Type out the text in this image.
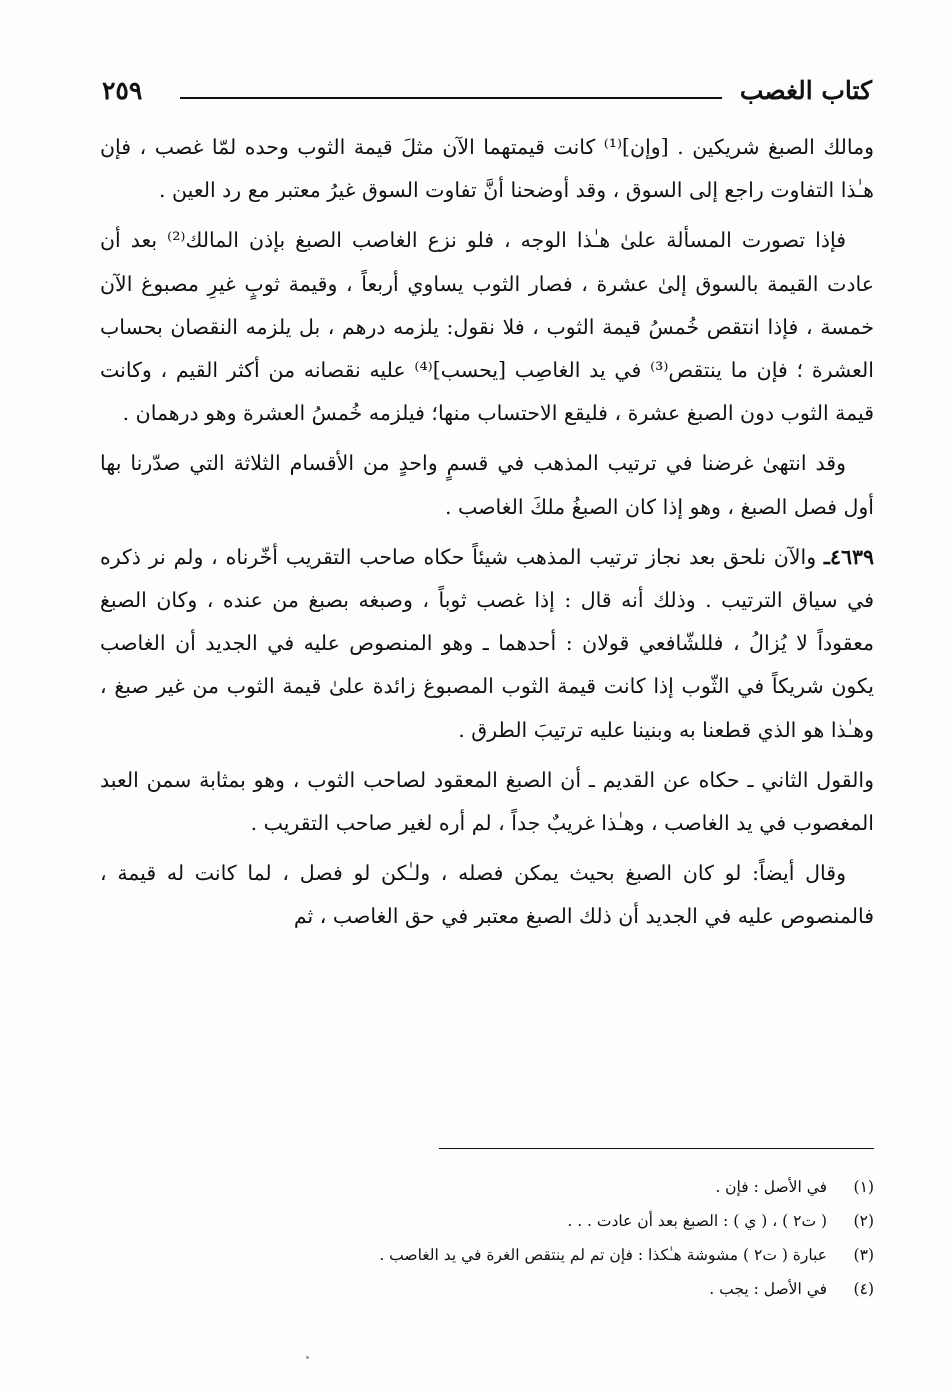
كتاب الغصب
٢٥٩

ومالك الصبغ شريكين . [وإن]⁽¹⁾ كانت قيمتهما الآن مثلَ قيمة الثوب وحده لمّا غصب ، فإن هـٰذا التفاوت راجع إلى السوق ، وقد أوضحنا أنَّ تفاوت السوق غيرُ معتبر مع رد العين .

فإذا تصورت المسألة علىٰ هـٰذا الوجه ، فلو نزع الغاصب الصبغ بإذن المالك⁽²⁾ بعد أن عادت القيمة بالسوق إلىٰ عشرة ، فصار الثوب يساوي أربعاً ، وقيمة ثوبٍ غيرِ مصبوغ الآن خمسة ، فإذا انتقص خُمسُ قيمة الثوب ، فلا نقول: يلزمه درهم ، بل يلزمه النقصان بحساب العشرة ؛ فإن ما ينتقص⁽³⁾ في يد الغاصِب [يحسب]⁽⁴⁾ عليه نقصانه من أكثر القيم ، وكانت قيمة الثوب دون الصبغ عشرة ، فليقع الاحتساب منها؛ فيلزمه خُمسُ العشرة وهو درهمان .

وقد انتهىٰ غرضنا في ترتيب المذهب في قسمٍ واحدٍ من الأقسام الثلاثة التي صدّرنا بها أول فصل الصبغ ، وهو إذا كان الصبغُ ملكَ الغاصب .

٤٦٣٩ـ والآن نلحق بعد نجاز ترتيب المذهب شيئاً حكاه صاحب التقريب أخّرناه ، ولم نر ذكره في سياق الترتيب . وذلك أنه قال : إذا غصب ثوباً ، وصبغه بصبغ من عنده ، وكان الصبغ معقوداً لا يُزالُ ، فللشّافعي قولان : أحدهما ـ وهو المنصوص عليه في الجديد أن الغاصب يكون شريكاً في الثّوب إذا كانت قيمة الثوب المصبوغ زائدة علىٰ قيمة الثوب من غير صبغ ، وهـٰذا هو الذي قطعنا به وبنينا عليه ترتيبَ الطرق .

والقول الثاني ـ حكاه عن القديم ـ أن الصبغ المعقود لصاحب الثوب ، وهو بمثابة سمن العبد المغصوب في يد الغاصب ، وهـٰذا غريبٌ جداً ، لم أره لغير صاحب التقريب .

وقال أيضاً: لو كان الصبغ بحيث يمكن فصله ، ولـٰكن لو فصل ، لما كانت له قيمة ، فالمنصوص عليه في الجديد أن ذلك الصبغ معتبر في حق الغاصب ، ثم

(١) في الأصل : فإن .
(٢) ( ت٢ ) ، ( ي ) : الصبغ بعد أن عادت . . .
(٣) عبارة ( ت٢ ) مشوشة هـٰكذا : فإن تم لم ينتقص الغرة في يد الغاصب .
(٤) في الأصل : يجب .
